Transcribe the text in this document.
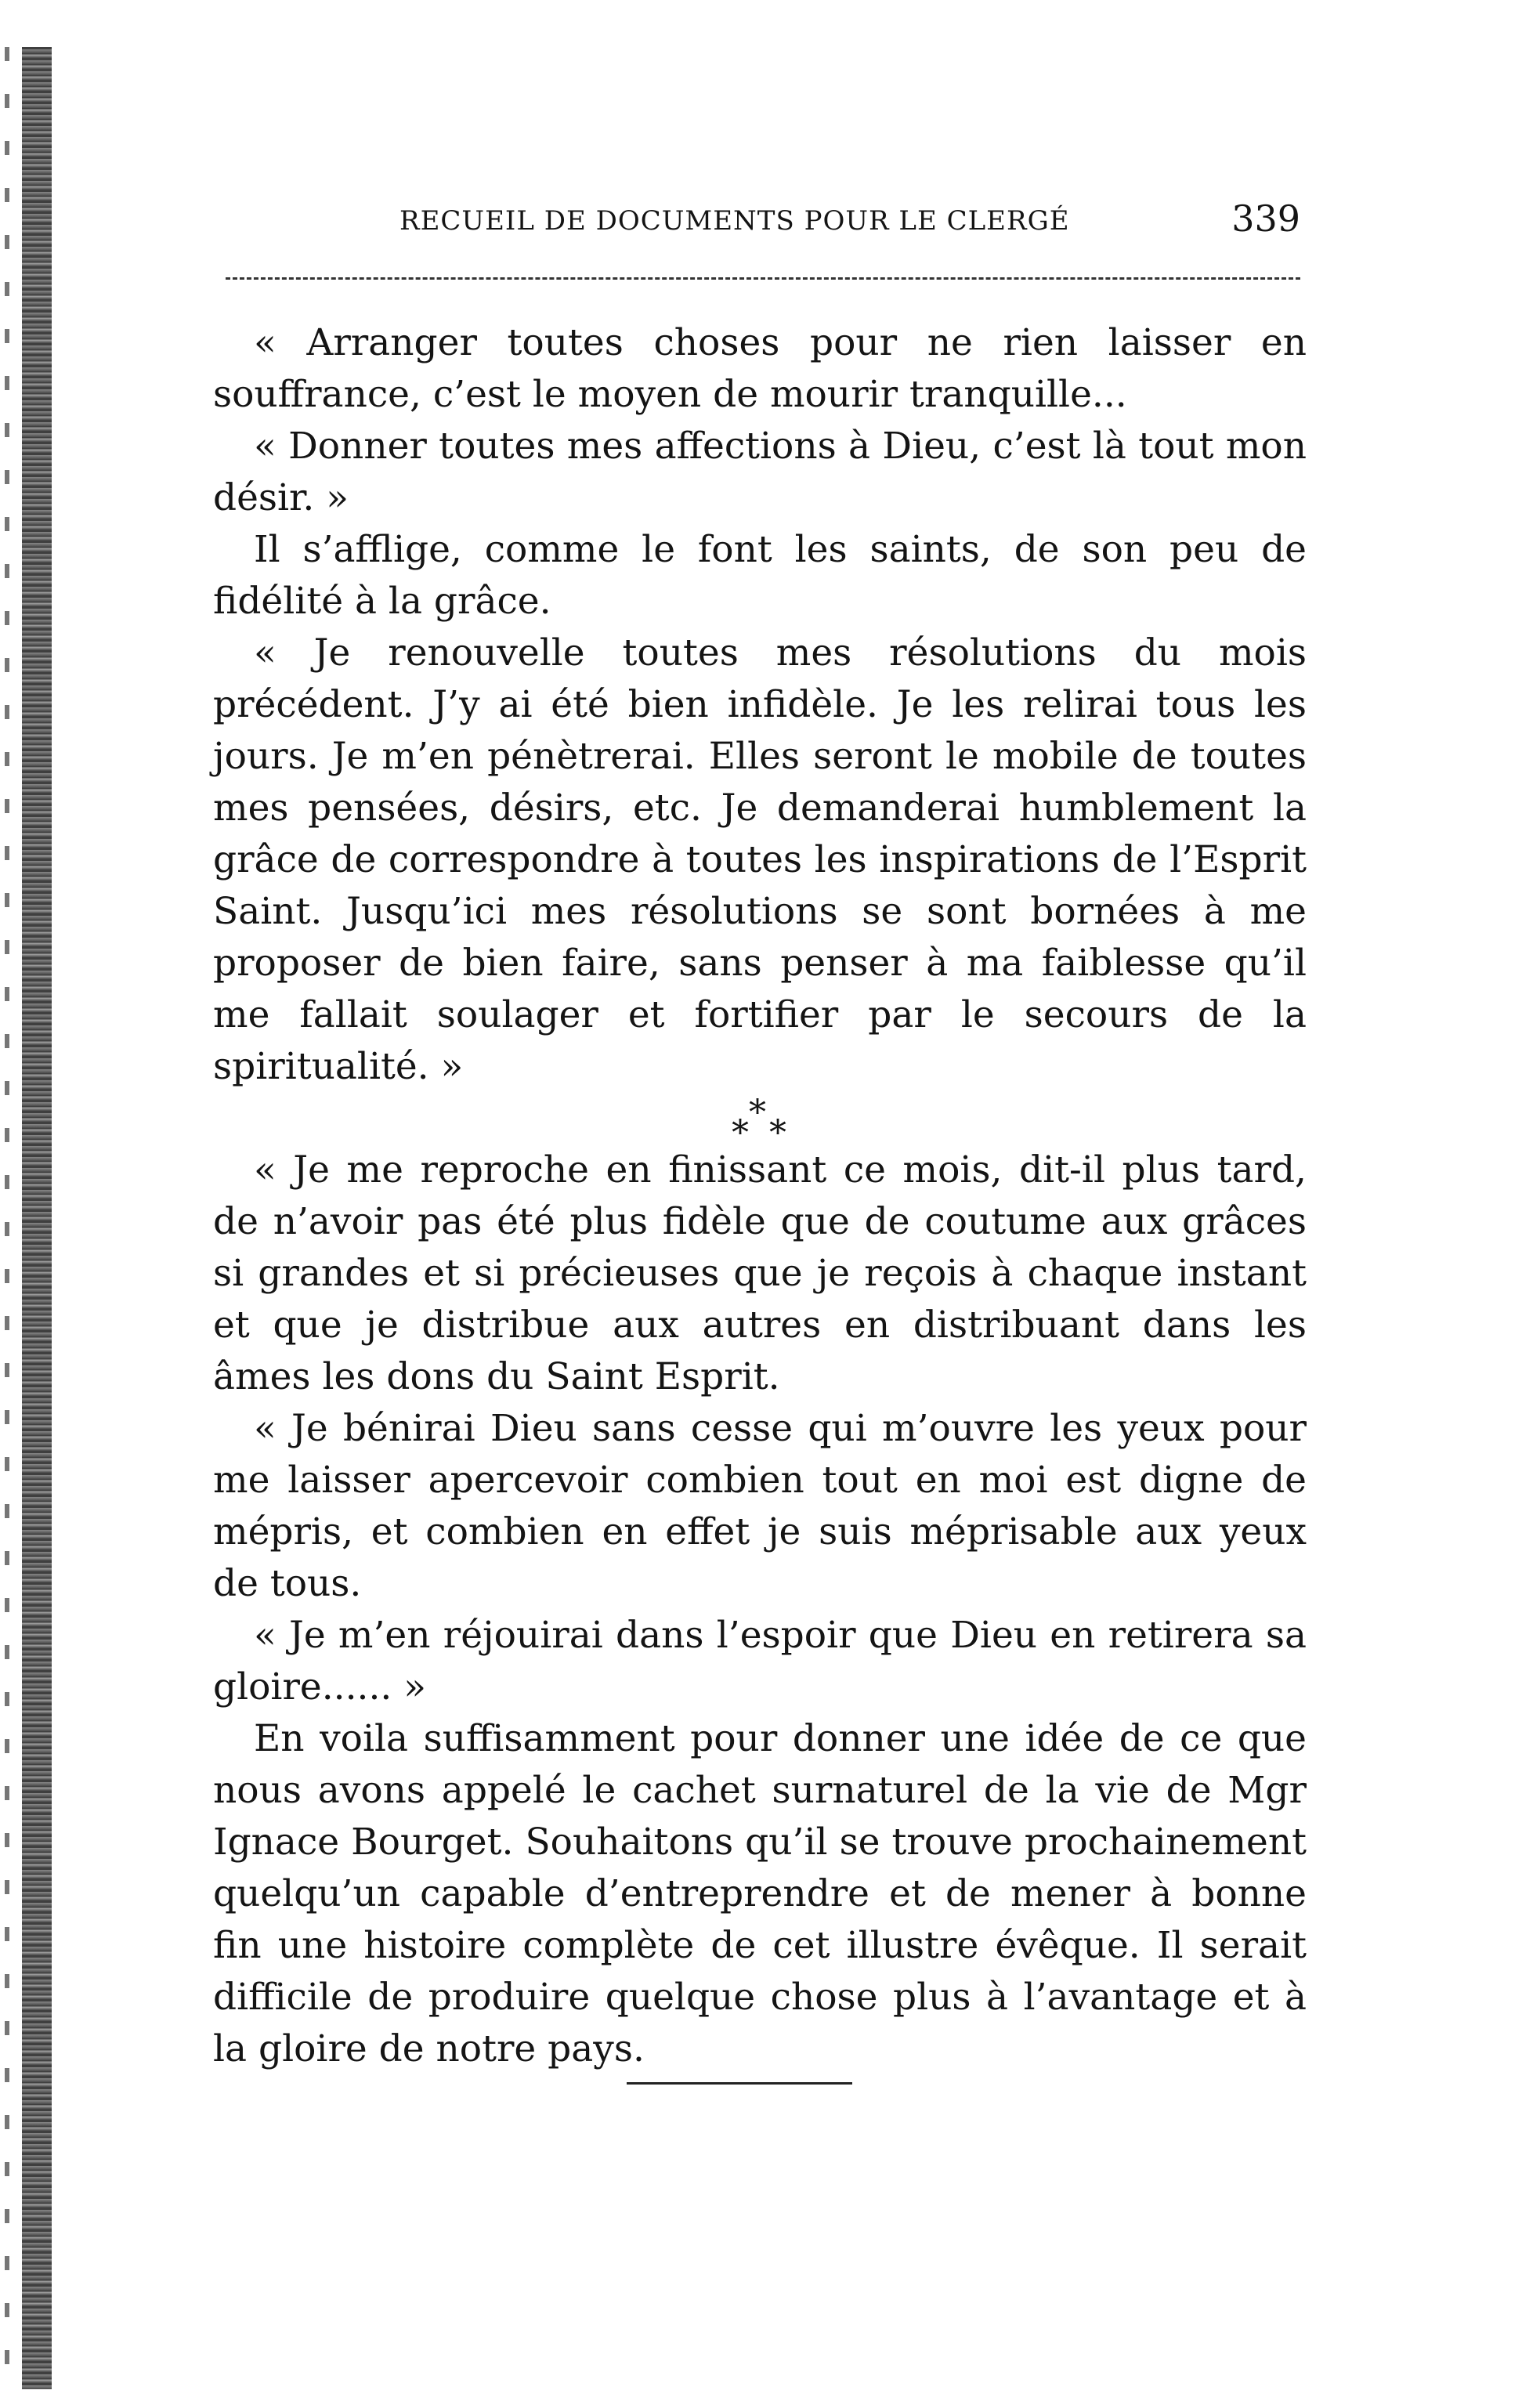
RECUEIL DE DOCUMENTS POUR LE CLERGÉ	339

« Arranger toutes choses pour ne rien laisser en souffrance, c’est le moyen de mourir tranquille...

« Donner toutes mes affections à Dieu, c’est là tout mon désir. »

Il s’afflige, comme le font les saints, de son peu de fidélité à la grâce.

« Je renouvelle toutes mes résolutions du mois précédent. J’y ai été bien infidèle. Je les relirai tous les jours. Je m’en pénètrerai. Elles seront le mobile de toutes mes pensées, désirs, etc. Je demanderai humblement la grâce de correspondre à toutes les inspirations de l’Esprit Saint. Jusqu’ici mes résolutions se sont bornées à me proposer de bien faire, sans penser à ma faiblesse qu’il me fallait soulager et fortifier par le secours de la spiritualité. »

*
* *

« Je me reproche en finissant ce mois, dit-il plus tard, de n’avoir pas été plus fidèle que de coutume aux grâces si grandes et si précieuses que je reçois à chaque instant et que je distribue aux autres en distribuant dans les âmes les dons du Saint Esprit.

« Je bénirai Dieu sans cesse qui m’ouvre les yeux pour me laisser apercevoir combien tout en moi est digne de mépris, et combien en effet je suis méprisable aux yeux de tous.

« Je m’en réjouirai dans l’espoir que Dieu en retirera sa gloire...... »

En voila suffisamment pour donner une idée de ce que nous avons appelé le cachet surnaturel de la vie de Mgr Ignace Bourget. Souhaitons qu’il se trouve prochainement quelqu’un capable d’entreprendre et de mener à bonne fin une histoire complète de cet illustre évêque. Il serait difficile de produire quelque chose plus à l’avantage et à la gloire de notre pays.
